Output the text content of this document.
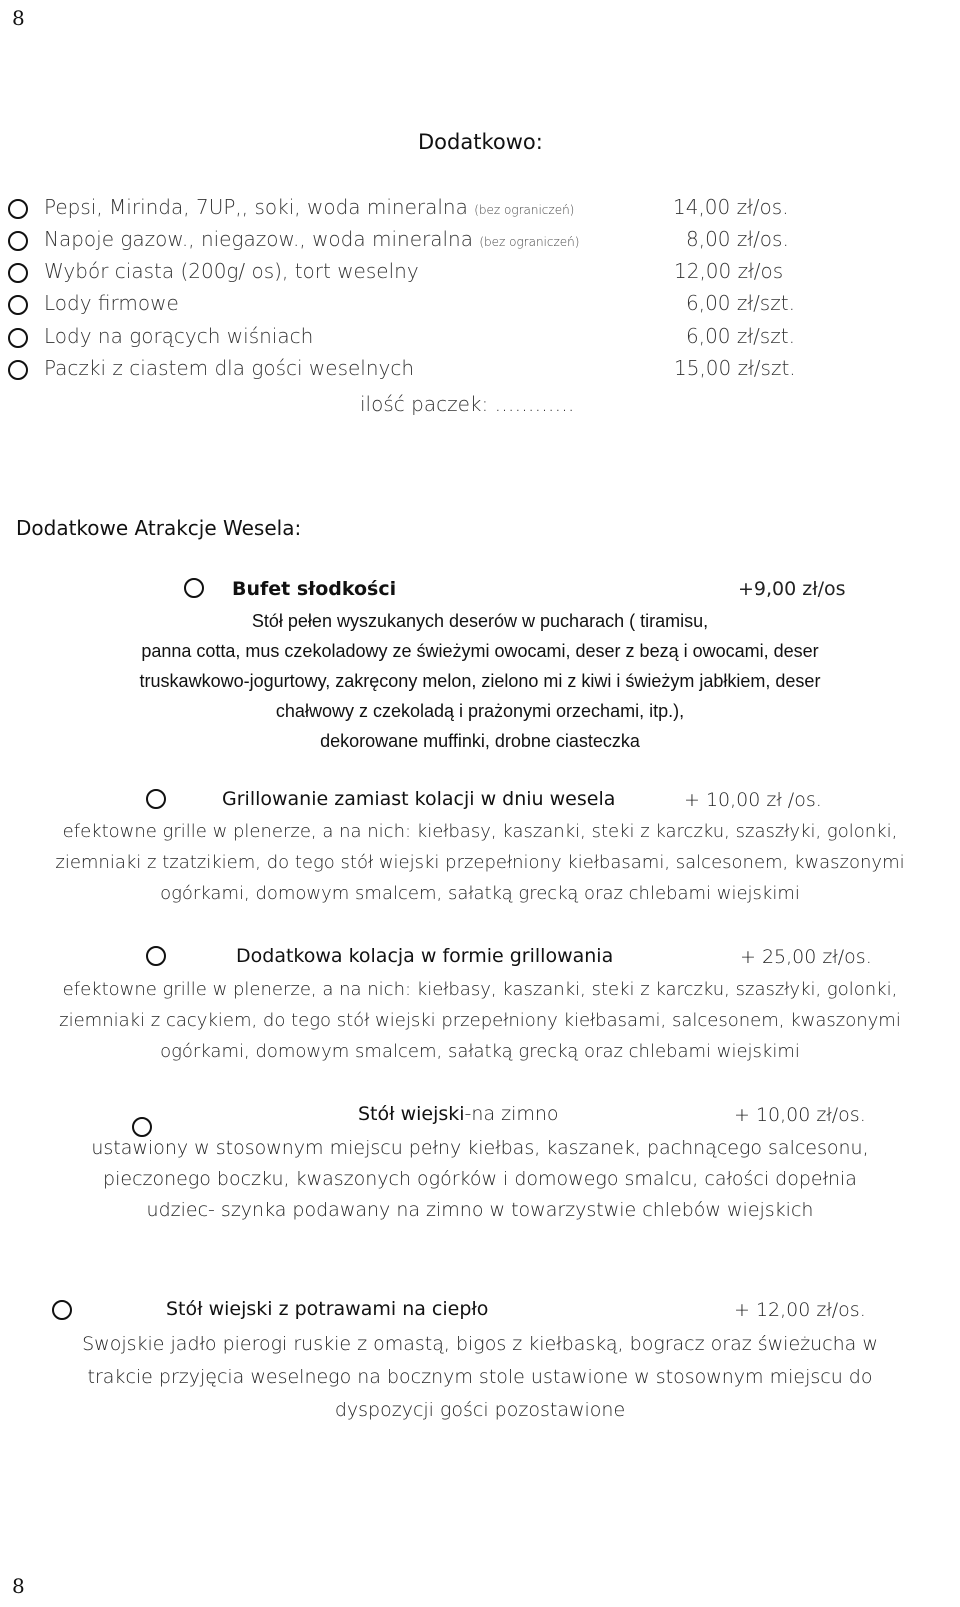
8
Dodatkowo:
Pepsi, Mirinda, 7UP,, soki, woda mineralna (bez ograniczeń)	14,00 zł/os.
Napoje gazow., niegazow., woda mineralna (bez ograniczeń)	8,00 zł/os.
Wybór ciasta (200g/ os), tort weselny	12,00 zł/os
Lody firmowe	6,00 zł/szt.
Lody na gorących wiśniach	6,00 zł/szt.
Paczki z ciastem dla gości weselnych	15,00 zł/szt.
ilość paczek: …………
Dodatkowe Atrakcje Wesela:
Bufet słodkości	+9,00 zł/os
Stół pełen wyszukanych deserów w pucharach ( tiramisu,
panna cotta, mus czekoladowy ze świeżymi owocami, deser z bezą i owocami, deser
truskawkowo-jogurtowy, zakręcony melon, zielono mi z kiwi i świeżym jabłkiem, deser
chałwowy z czekoladą i prażonymi orzechami, itp.),
dekorowane muffinki, drobne ciasteczka
Grillowanie zamiast kolacji w dniu wesela	+ 10,00 zł /os.
efektowne grille w plenerze, a na nich: kiełbasy, kaszanki, steki z karczku, szaszłyki, golonki,
ziemniaki z tzatzikiem, do tego stół wiejski przepełniony kiełbasami, salcesonem, kwaszonymi
ogórkami, domowym smalcem, sałatką grecką oraz chlebami wiejskimi
Dodatkowa kolacja w formie grillowania	+ 25,00 zł/os.
efektowne grille w plenerze, a na nich: kiełbasy, kaszanki, steki z karczku, szaszłyki, golonki,
ziemniaki z cacykiem, do tego stół wiejski przepełniony kiełbasami, salcesonem, kwaszonymi
ogórkami, domowym smalcem, sałatką grecką oraz chlebami wiejskimi
Stół wiejski-na zimno	+ 10,00 zł/os.
ustawiony w stosownym miejscu pełny kiełbas, kaszanek, pachnącego salcesonu,
pieczonego boczku, kwaszonych ogórków i domowego smalcu, całości dopełnia
udziec- szynka podawany na zimno w towarzystwie chlebów wiejskich
Stół wiejski z potrawami na ciepło	+ 12,00 zł/os.
Swojskie jadło pierogi ruskie z omastą, bigos z kiełbaską, bogracz oraz świeżucha w
trakcie przyjęcia weselnego na bocznym stole ustawione w stosownym miejscu do
dyspozycji gości pozostawione
8
